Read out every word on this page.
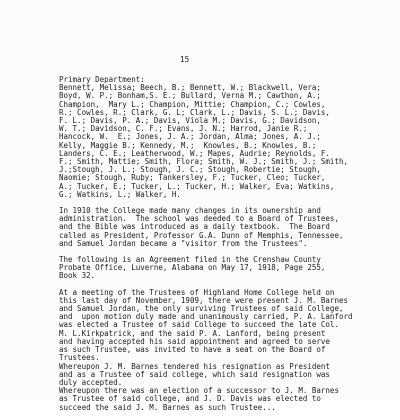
15

Primary Department:

Bennett, Melissa; Beech, B.; Bennett, W.; Blackwell, Vera;

Boyd, W. P.; Bonham,S. E.; Bullard, Verna M.; Cawthon, A.;

Champion,  Mary L.; Champion, Mittie; Champion, C.; Cowles,

R.; Cowles, R.; Clark, G. L; Clark, L.; Davis, S. L.; Davis,

F. L.; Davis, P. A.; Davis, Viola M.; Davis, G.; Davidson,

W. T.; Davidson, C. F.; Evans, J. N.; Harrod, Janie R.;

Hancock, W.  E.; Jones, J. A.; Jordan, Alma; Jones, A. J.;

Kelly, Maggie B.; Kennedy, M.;  Knowles, B.; Knowles, B.;

Landers, C. E.; Leatherwood, W.; Mapes, Audrie; Reynolds, F.

F.; Smith, Mattie; Smith, Flora; Smith, W. J.; Smith, J.; Smith,

J.;Stough, J. L.; Stough, J. C.; Stough, Robertie; Stough,

Naomie; Stough, Ruby; Tankersley, F.; Tucker, Cleo; Tucker,

A.; Tucker, E.; Tucker, L.; Tucker, H.; Walker, Eva; Watkins,

G.; Watkins, L.; Walker, H.

In 1910 the College made many changes in its ownership and

administration.  The school was deeded to a Board of Trustees,

and the Bible was introduced as a daily textbook.  The Board

called as President, Professor G.A. Dunn of Memphis, Tennessee,

and Samuel Jordan became a "visitor from the Trustees".

The following is an Agreement filed in the Crenshaw County

Probate Office, Luverne, Alabama on May 17, 1918, Page 255,

Book 32.

At a meeting of the Trustees of Highland Home College held on

this last day of November, 1909, there were present J. M. Barnes

and Samuel Jordan, the only surviving Trustees of said College,

and  upon motion duly made and unanimously carried, P. A. Lanford

was elected a Trustee of said College to succeed the late Col.

M. L.Kirkpatrick, and the said P. A. Lanford, being present

and having accepted his said appointment and agreed to serve

as such Trustee, was invited to have a seat on the Board of

Trustees.

Whereupon J. M. Barnes tendered his resignation as President

and as a Trustee of said college, which said resignation was

duly accepted.

Whereupon there was an election of a successor to J. M. Barnes

as Trustee of said college, and J. D. Davis was elected to

succeed the said J. M. Barnes as such Trustee...
